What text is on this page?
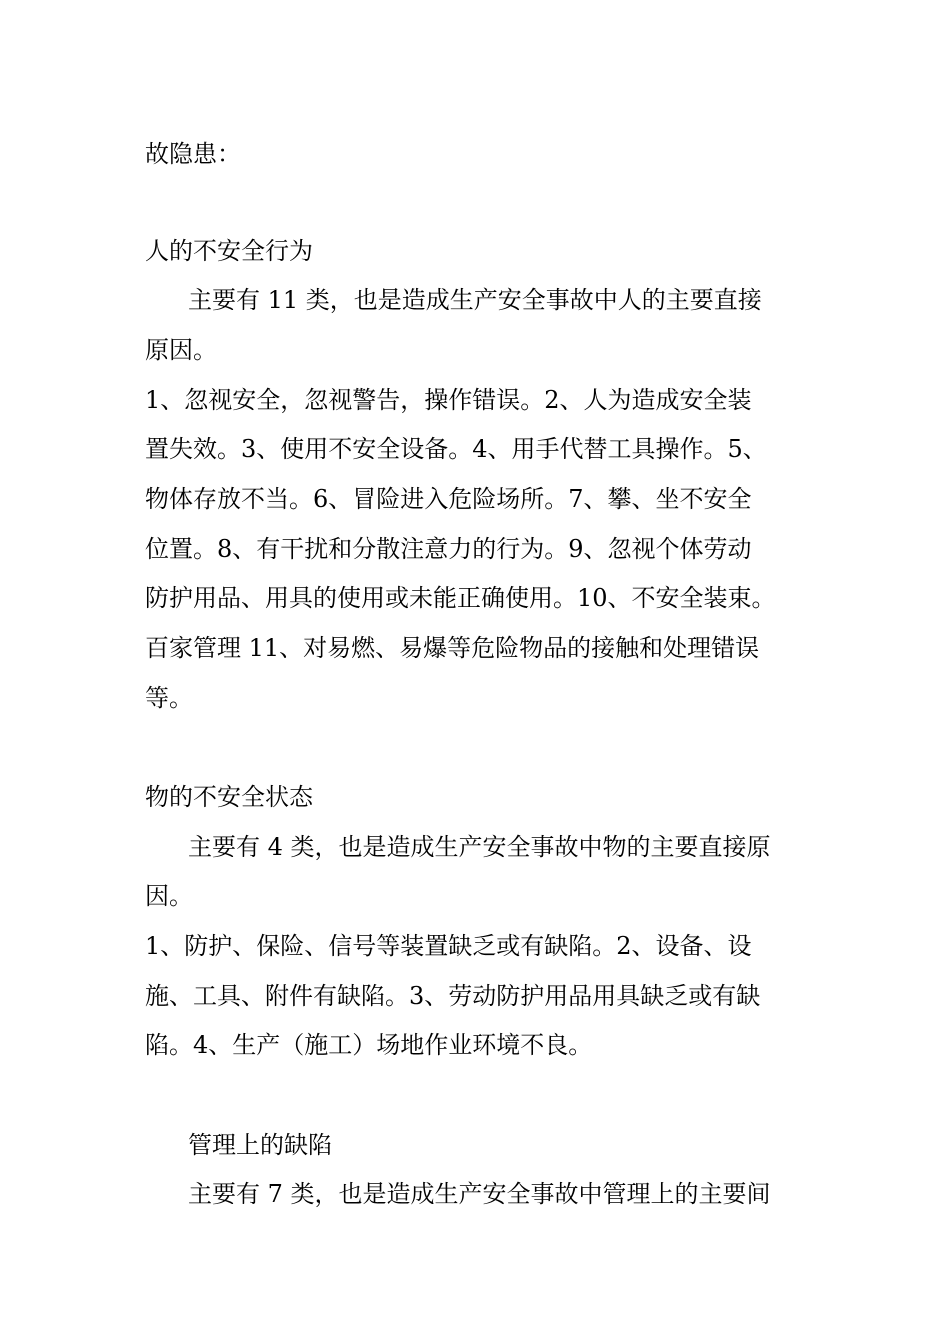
故隐患：
人的不安全行为
主要有 11 类，也是造成生产安全事故中人的主要直接
原因。
1、忽视安全，忽视警告，操作错误。2、人为造成安全装
置失效。3、使用不安全设备。4、用手代替工具操作。5、
物体存放不当。6、冒险进入危险场所。7、攀、坐不安全
位置。8、有干扰和分散注意力的行为。9、忽视个体劳动
防护用品、用具的使用或未能正确使用。10、不安全装束。
百家管理 11、对易燃、易爆等危险物品的接触和处理错误
等。
物的不安全状态
主要有 4 类，也是造成生产安全事故中物的主要直接原
因。
1、防护、保险、信号等装置缺乏或有缺陷。2、设备、设
施、工具、附件有缺陷。3、劳动防护用品用具缺乏或有缺
陷。4、生产（施工）场地作业环境不良。
管理上的缺陷
主要有 7 类，也是造成生产安全事故中管理上的主要间
